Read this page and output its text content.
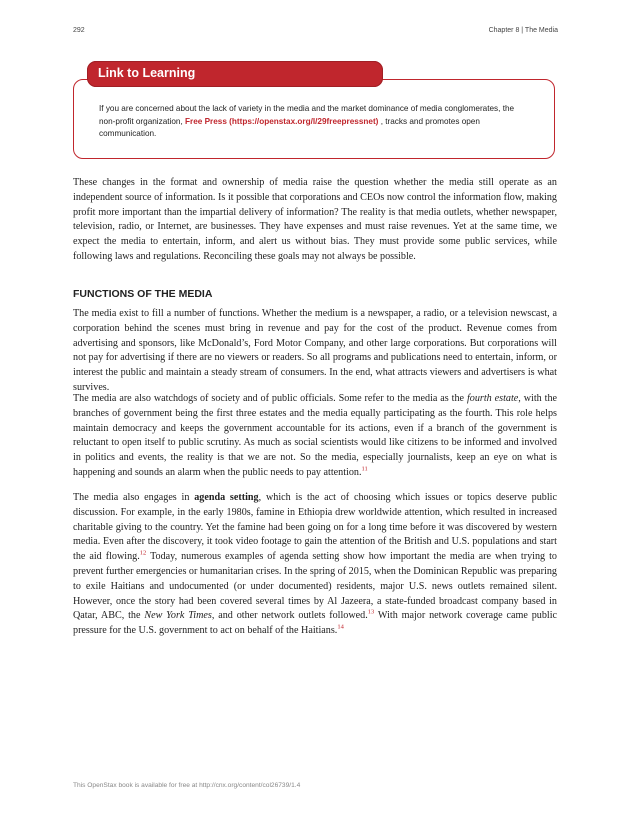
292	Chapter 8 | The Media
Link to Learning
If you are concerned about the lack of variety in the media and the market dominance of media conglomerates, the non-profit organization, Free Press (https://openstax.org/l/29freepressnet) , tracks and promotes open communication.

These changes in the format and ownership of media raise the question whether the media still operate as an independent source of information. Is it possible that corporations and CEOs now control the information flow, making profit more important than the impartial delivery of information? The reality is that media outlets, whether newspaper, television, radio, or Internet, are businesses. They have expenses and must raise revenues. Yet at the same time, we expect the media to entertain, inform, and alert us without bias. They must provide some public services, while following laws and regulations. Reconciling these goals may not always be possible.

FUNCTIONS OF THE MEDIA

The media exist to fill a number of functions. Whether the medium is a newspaper, a radio, or a television newscast, a corporation behind the scenes must bring in revenue and pay for the cost of the product. Revenue comes from advertising and sponsors, like McDonald’s, Ford Motor Company, and other large corporations. But corporations will not pay for advertising if there are no viewers or readers. So all programs and publications need to entertain, inform, or interest the public and maintain a steady stream of consumers. In the end, what attracts viewers and advertisers is what survives.

The media are also watchdogs of society and of public officials. Some refer to the media as the fourth estate, with the branches of government being the first three estates and the media equally participating as the fourth. This role helps maintain democracy and keeps the government accountable for its actions, even if a branch of the government is reluctant to open itself to public scrutiny. As much as social scientists would like citizens to be informed and involved in politics and events, the reality is that we are not. So the media, especially journalists, keep an eye on what is happening and sounds an alarm when the public needs to pay attention.$^{11}$

The media also engages in agenda setting, which is the act of choosing which issues or topics deserve public discussion. For example, in the early 1980s, famine in Ethiopia drew worldwide attention, which resulted in increased charitable giving to the country. Yet the famine had been going on for a long time before it was discovered by western media. Even after the discovery, it took video footage to gain the attention of the British and U.S. populations and start the aid flowing.$^{12}$ Today, numerous examples of agenda setting show how important the media are when trying to prevent further emergencies or humanitarian crises. In the spring of 2015, when the Dominican Republic was preparing to exile Haitians and undocumented (or under documented) residents, major U.S. news outlets remained silent. However, once the story had been covered several times by Al Jazeera, a state-funded broadcast company based in Qatar, ABC, the New York Times, and other network outlets followed.$^{13}$ With major network coverage came public pressure for the U.S. government to act on behalf of the Haitians.$^{14}$

This OpenStax book is available for free at http://cnx.org/content/col26739/1.4
